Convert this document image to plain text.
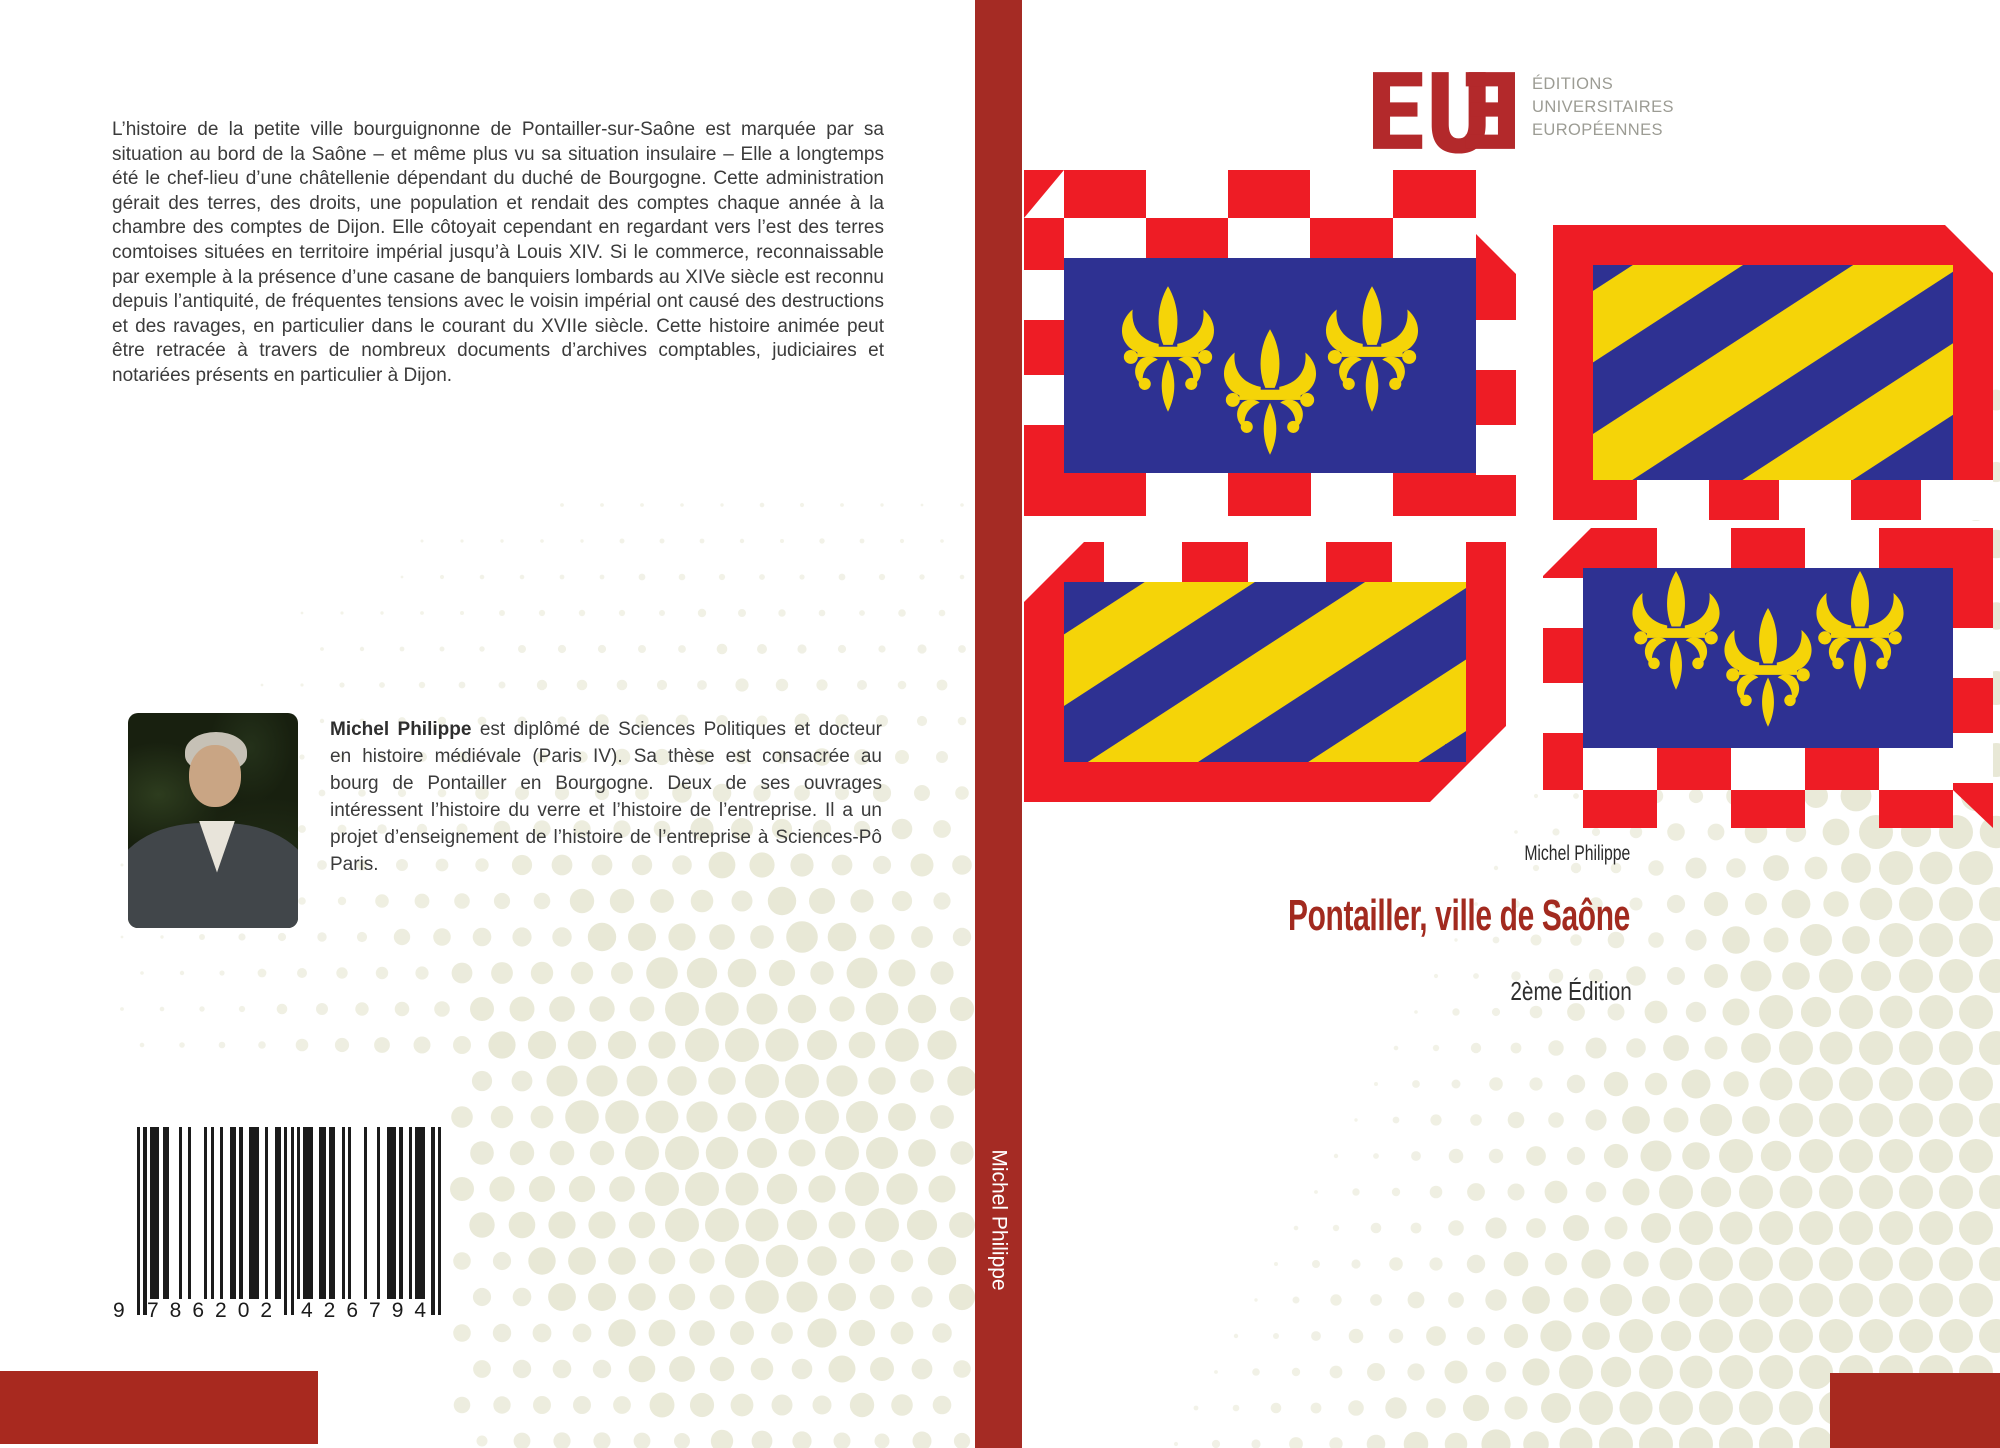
L’histoire de la petite ville bourguignonne de Pontailler-sur-Saône est marquée par sa situation au bord de la Saône – et même plus vu sa situation insulaire – Elle a longtemps été le chef-lieu d’une châtellenie dépendant du duché de Bourgogne. Cette administration gérait des terres, des droits, une population et rendait des comptes chaque année à la chambre des comptes de Dijon. Elle côtoyait cependant en regardant vers l’est des terres comtoises situées en territoire impérial jusqu’à Louis XIV. Si le commerce, reconnaissable par exemple à la présence d’une casane de banquiers lombards au XIVe siècle est reconnu depuis l’antiquité, de fréquentes tensions avec le voisin impérial ont causé des destructions et des ravages, en particulier dans le courant du XVIIe siècle. Cette histoire animée peut être retracée à travers de nombreux documents d’archives comptables, judiciaires et notariées présents en particulier à Dijon.
Michel Philippe est diplômé de Sciences Politiques et docteur en histoire médiévale (Paris IV). Sa thèse est consacrée au bourg de Pontailler en Bourgogne. Deux de ses ouvrages intéressent l’histoire du verre et l’histoire de l’entreprise. Il a un projet d’enseignement de l’histoire de l’entreprise à Sciences-Pô Paris.
9 786202 426794
Michel Philippe
ÉDITIONS
UNIVERSITAIRES
EUROPÉENNES
Michel Philippe
Pontailler, ville de Saône
2ème Édition
